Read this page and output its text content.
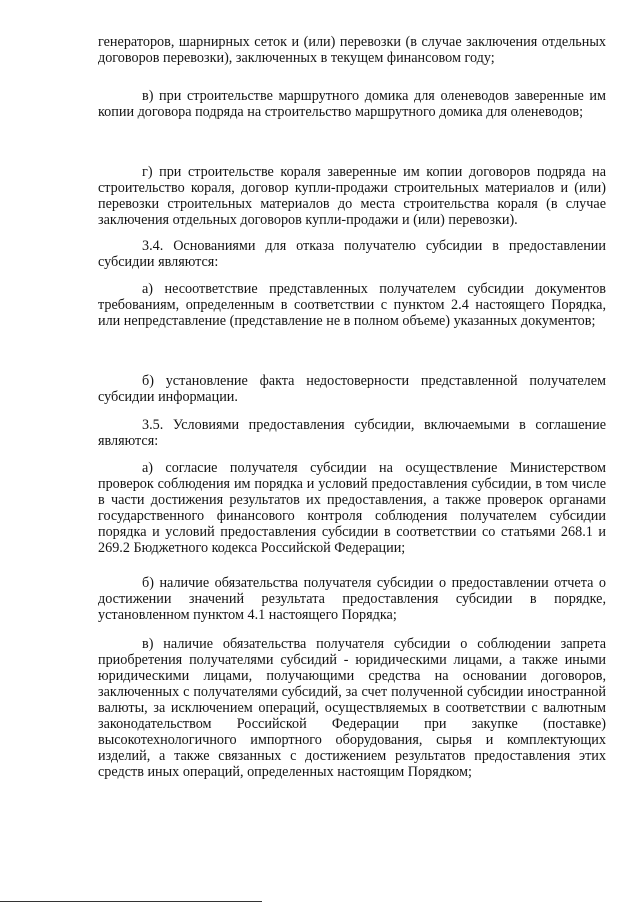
генераторов, шарнирных сеток и (или) перевозки (в случае заключения отдельных договоров перевозки), заключенных в текущем финансовом году;

в) при строительстве маршрутного домика для оленеводов заверенные им копии договора подряда на строительство маршрутного домика для оленеводов;

г) при строительстве кораля заверенные им копии договоров подряда на строительство кораля, договор купли-продажи строительных материалов и (или) перевозки строительных материалов до места строительства кораля (в случае заключения отдельных договоров купли-продажи и (или) перевозки).

3.4. Основаниями для отказа получателю субсидии в предоставлении субсидии являются:

а) несоответствие представленных получателем субсидии документов требованиям, определенным в соответствии с пунктом 2.4 настоящего Порядка, или непредставление (представление не в полном объеме) указанных документов;

б) установление факта недостоверности представленной получателем субсидии информации.

3.5. Условиями предоставления субсидии, включаемыми в соглашение являются:

а) согласие получателя субсидии на осуществление Министерством проверок соблюдения им порядка и условий предоставления субсидии, в том числе в части достижения результатов их предоставления, а также проверок органами государственного финансового контроля соблюдения получателем субсидии порядка и условий предоставления субсидии в соответствии со статьями 268.1 и 269.2 Бюджетного кодекса Российской Федерации;

б) наличие обязательства получателя субсидии о предоставлении отчета о достижении значений результата предоставления субсидии в порядке, установленном пунктом 4.1 настоящего Порядка;

в) наличие обязательства получателя субсидии о соблюдении запрета приобретения получателями субсидий - юридическими лицами, а также иными юридическими лицами, получающими средства на основании договоров, заключенных с получателями субсидий, за счет полученной субсидии иностранной валюты, за исключением операций, осуществляемых в соответствии с валютным законодательством Российской Федерации при закупке (поставке) высокотехнологичного импортного оборудования, сырья и комплектующих изделий, а также связанных с достижением результатов предоставления этих средств иных операций, определенных настоящим Порядком;
